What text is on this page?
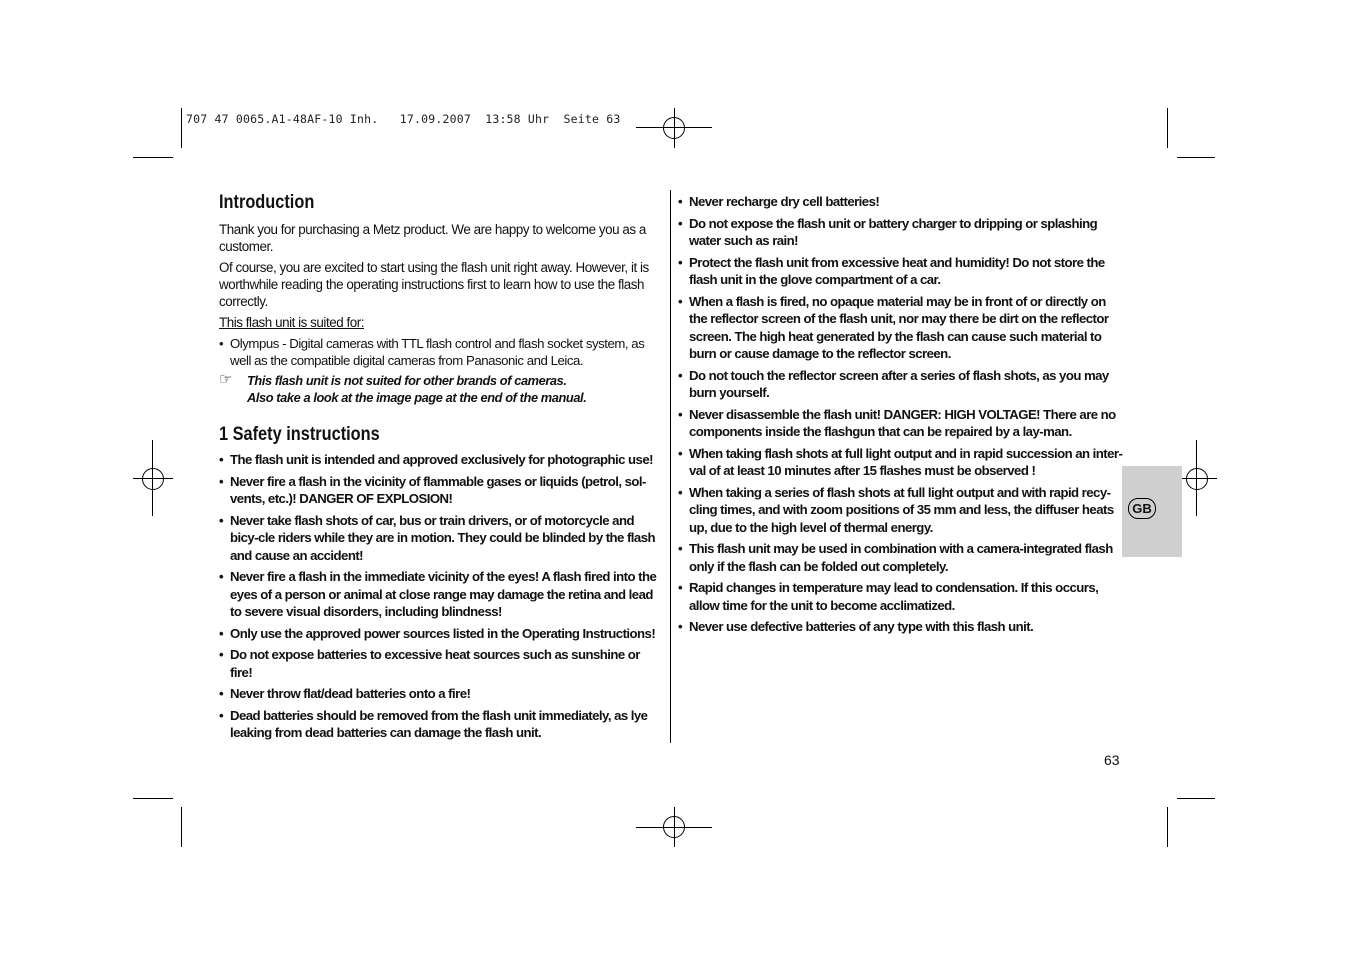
707 47 0065.A1-48AF-10 Inh.   17.09.2007  13:58 Uhr  Seite 63
Introduction

Thank you for purchasing a Metz product. We are happy to welcome you as a customer.

Of course, you are excited to start using the flash unit right away. However, it is worthwhile reading the operating instructions first to learn how to use the flash correctly.

This flash unit is suited for:

• Olympus - Digital cameras with TTL flash control and flash socket system, as well as the compatible digital cameras from Panasonic and Leica.

☞ This flash unit is not suited for other brands of cameras.
Also take a look at the image page at the end of the manual.
1 Safety instructions

• The flash unit is intended and approved exclusively for photographic use!

• Never fire a flash in the vicinity of flammable gases or liquids (petrol, sol-vents, etc.)! DANGER OF EXPLOSION!

• Never take flash shots of car, bus or train drivers, or of motorcycle and bicy-cle riders while they are in motion. They could be blinded by the flash and cause an accident!

• Never fire a flash in the immediate vicinity of the eyes! A flash fired into the eyes of a person or animal at close range may damage the retina and lead to severe visual disorders, including blindness!

• Only use the approved power sources listed in the Operating Instructions!

• Do not expose batteries to excessive heat sources such as sunshine or fire!

• Never throw flat/dead batteries onto a fire!

• Dead batteries should be removed from the flash unit immediately, as lye leaking from dead batteries can damage the flash unit.

• Never recharge dry cell batteries!

• Do not expose the flash unit or battery charger to dripping or splashing water such as rain!

• Protect the flash unit from excessive heat and humidity! Do not store the flash unit in the glove compartment of a car.

• When a flash is fired, no opaque material may be in front of or directly on the reflector screen of the flash unit, nor may there be dirt on the reflector screen. The high heat generated by the flash can cause such material to burn or cause damage to the reflector screen.

• Do not touch the reflector screen after a series of flash shots, as you may burn yourself.

• Never disassemble the flash unit! DANGER: HIGH VOLTAGE! There are no components inside the flashgun that can be repaired by a lay-man.

• When taking flash shots at full light output and in rapid succession an inter-val of at least 10 minutes after 15 flashes must be observed !

• When taking a series of flash shots at full light output and with rapid recy-cling times, and with zoom positions of 35 mm and less, the diffuser heats up, due to the high level of thermal energy.

• This flash unit may be used in combination with a camera-integrated flash only if the flash can be folded out completely.

• Rapid changes in temperature may lead to condensation. If this occurs, allow time for the unit to become acclimatized.

• Never use defective batteries of any type with this flash unit.

GB
63
